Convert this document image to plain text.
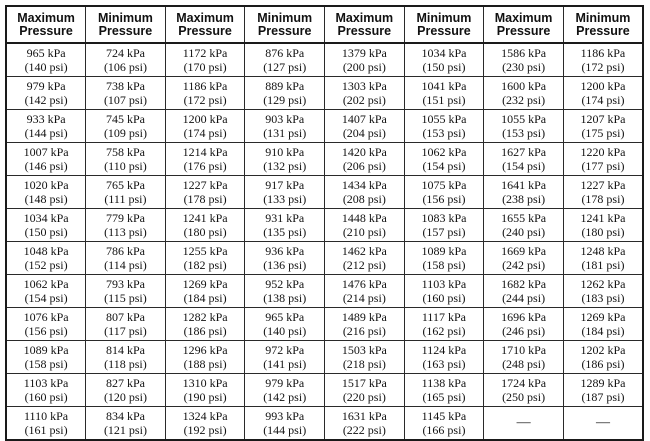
Maximum
Pressure	Minimum
Pressure	Maximum
Pressure	Minimum
Pressure	Maximum
Pressure	Minimum
Pressure	Maximum
Pressure	Minimum
Pressure

965 kPa
(140 psi)	724 kPa
(106 psi)	1172 kPa
(170 psi)	876 kPa
(127 psi)	1379 kPa
(200 psi)	1034 kPa
(150 psi)	1586 kPa
(230 psi)	1186 kPa
(172 psi)

979 kPa
(142 psi)	738 kPa
(107 psi)	1186 kPa
(172 psi)	889 kPa
(129 psi)	1303 kPa
(202 psi)	1041 kPa
(151 psi)	1600 kPa
(232 psi)	1200 kPa
(174 psi)

933 kPa
(144 psi)	745 kPa
(109 psi)	1200 kPa
(174 psi)	903 kPa
(131 psi)	1407 kPa
(204 psi)	1055 kPa
(153 psi)	1055 kPa
(153 psi)	1207 kPa
(175 psi)

1007 kPa
(146 psi)	758 kPa
(110 psi)	1214 kPa
(176 psi)	910 kPa
(132 psi)	1420 kPa
(206 psi)	1062 kPa
(154 psi)	1627 kPa
(154 psi)	1220 kPa
(177 psi)

1020 kPa
(148 psi)	765 kPa
(111 psi)	1227 kPa
(178 psi)	917 kPa
(133 psi)	1434 kPa
(208 psi)	1075 kPa
(156 psi)	1641 kPa
(238 psi)	1227 kPa
(178 psi)

1034 kPa
(150 psi)	779 kPa
(113 psi)	1241 kPa
(180 psi)	931 kPa
(135 psi)	1448 kPa
(210 psi)	1083 kPa
(157 psi)	1655 kPa
(240 psi)	1241 kPa
(180 psi)

1048 kPa
(152 psi)	786 kPa
(114 psi)	1255 kPa
(182 psi)	936 kPa
(136 psi)	1462 kPa
(212 psi)	1089 kPa
(158 psi)	1669 kPa
(242 psi)	1248 kPa
(181 psi)

1062 kPa
(154 psi)	793 kPa
(115 psi)	1269 kPa
(184 psi)	952 kPa
(138 psi)	1476 kPa
(214 psi)	1103 kPa
(160 psi)	1682 kPa
(244 psi)	1262 kPa
(183 psi)

1076 kPa
(156 psi)	807 kPa
(117 psi)	1282 kPa
(186 psi)	965 kPa
(140 psi)	1489 kPa
(216 psi)	1117 kPa
(162 psi)	1696 kPa
(246 psi)	1269 kPa
(184 psi)

1089 kPa
(158 psi)	814 kPa
(118 psi)	1296 kPa
(188 psi)	972 kPa
(141 psi)	1503 kPa
(218 psi)	1124 kPa
(163 psi)	1710 kPa
(248 psi)	1202 kPa
(186 psi)

1103 kPa
(160 psi)	827 kPa
(120 psi)	1310 kPa
(190 psi)	979 kPa
(142 psi)	1517 kPa
(220 psi)	1138 kPa
(165 psi)	1724 kPa
(250 psi)	1289 kPa
(187 psi)

1110 kPa
(161 psi)	834 kPa
(121 psi)	1324 kPa
(192 psi)	993 kPa
(144 psi)	1631 kPa
(222 psi)	1145 kPa
(166 psi)	—	—
